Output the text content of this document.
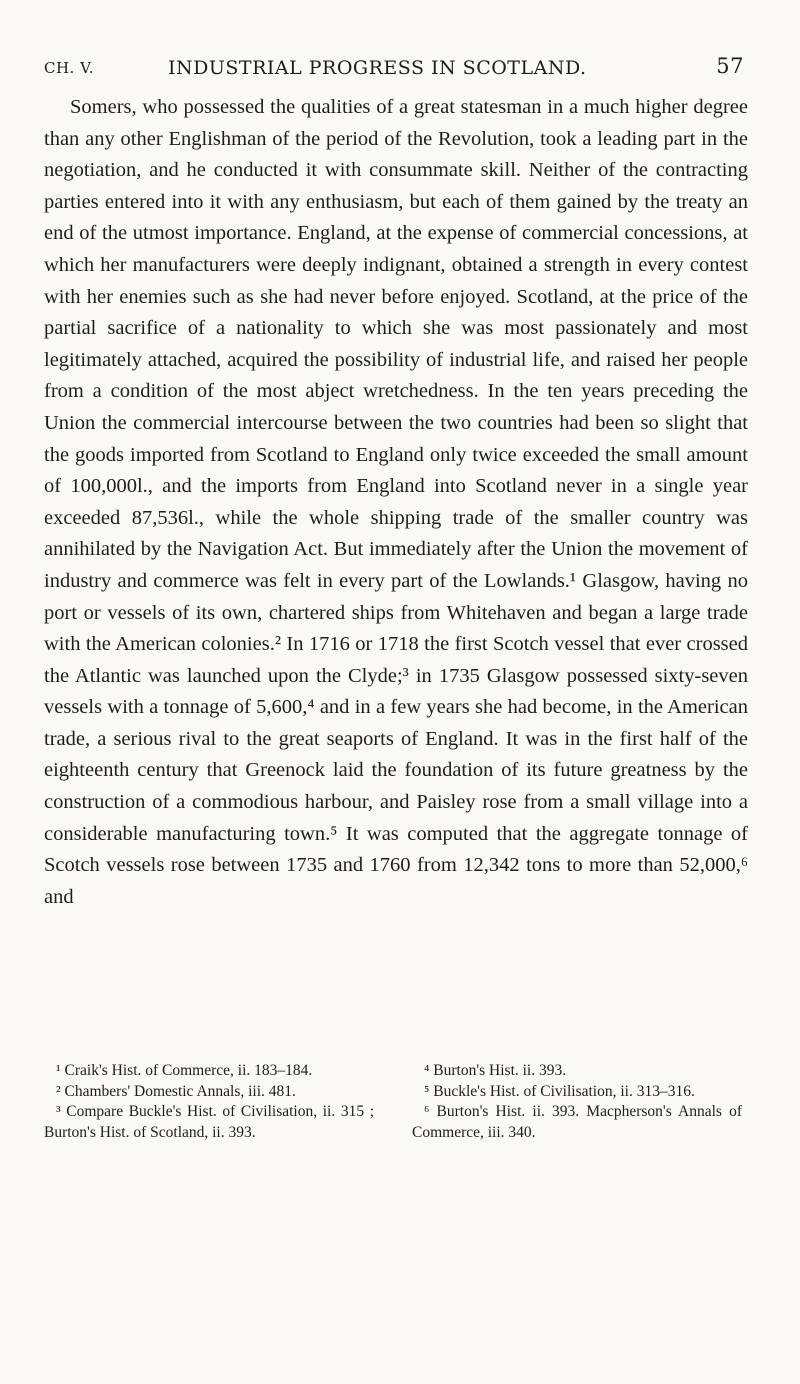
CH. V.	INDUSTRIAL PROGRESS IN SCOTLAND.	57

Somers, who possessed the qualities of a great statesman in a much higher degree than any other Englishman of the period of the Revolution, took a leading part in the negotiation, and he conducted it with consummate skill. Neither of the contracting parties entered into it with any enthusiasm, but each of them gained by the treaty an end of the utmost importance. England, at the expense of commercial concessions, at which her manufacturers were deeply indignant, obtained a strength in every contest with her enemies such as she had never before enjoyed. Scotland, at the price of the partial sacrifice of a nationality to which she was most passionately and most legitimately attached, acquired the possibility of industrial life, and raised her people from a condition of the most abject wretchedness. In the ten years preceding the Union the commercial intercourse between the two countries had been so slight that the goods imported from Scotland to England only twice exceeded the small amount of 100,000l., and the imports from England into Scotland never in a single year exceeded 87,536l., while the whole shipping trade of the smaller country was annihilated by the Navigation Act. But immediately after the Union the movement of industry and commerce was felt in every part of the Lowlands.¹ Glasgow, having no port or vessels of its own, chartered ships from Whitehaven and began a large trade with the American colonies.² In 1716 or 1718 the first Scotch vessel that ever crossed the Atlantic was launched upon the Clyde;³ in 1735 Glasgow possessed sixty-seven vessels with a tonnage of 5,600,⁴ and in a few years she had become, in the American trade, a serious rival to the great seaports of England. It was in the first half of the eighteenth century that Greenock laid the foundation of its future greatness by the construction of a commodious harbour, and Paisley rose from a small village into a considerable manufacturing town.⁵ It was computed that the aggregate tonnage of Scotch vessels rose between 1735 and 1760 from 12,342 tons to more than 52,000,⁶ and

¹ Craik's Hist. of Commerce, ii. 183–184.

² Chambers' Domestic Annals, iii. 481.

³ Compare Buckle's Hist. of Civilisation, ii. 315 ; Burton's Hist. of Scotland, ii. 393.

⁴ Burton's Hist. ii. 393.

⁵ Buckle's Hist. of Civilisation, ii. 313–316.

⁶ Burton's Hist. ii. 393. Macpherson's Annals of Commerce, iii. 340.
